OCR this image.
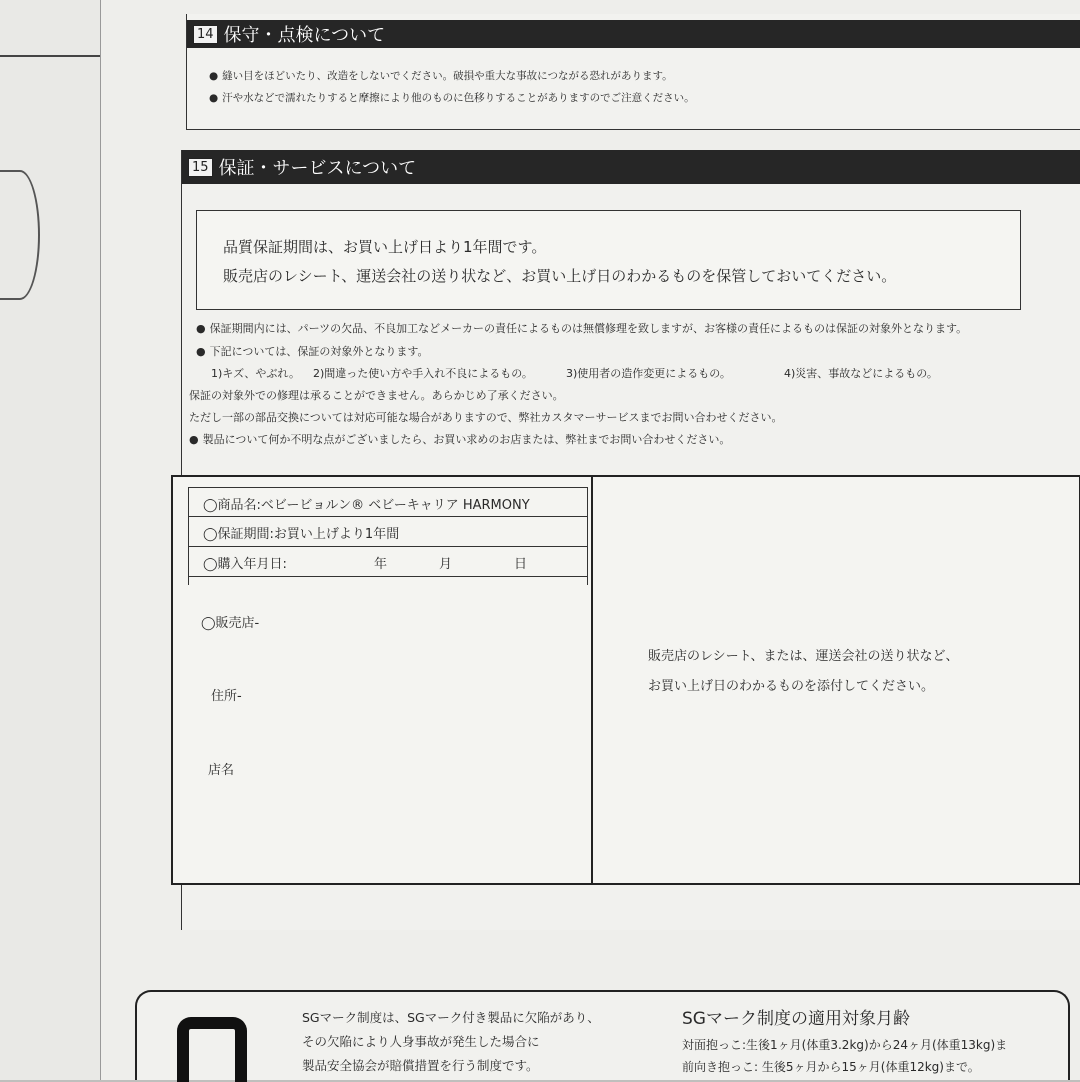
14 保守・点検について
● 縫い目をほどいたり、改造をしないでください。破損や重大な事故につながる恐れがあります。
● 汗や水などで濡れたりすると摩擦により他のものに色移りすることがありますのでご注意ください。
15 保証・サービスについて
品質保証期間は、お買い上げ日より1年間です。
販売店のレシート、運送会社の送り状など、お買い上げ日のわかるものを保管しておいてください。
● 保証期間内には、パーツの欠品、不良加工などメーカーの責任によるものは無償修理を致しますが、お客様の責任によるものは保証の対象外となります。
● 下記については、保証の対象外となります。
1)キズ、やぶれ。 2)間違った使い方や手入れ不良によるもの。	3)使用者の造作変更によるもの。	4)災害、事故などによるもの。
保証の対象外での修理は承ることができません。あらかじめ了承ください。
ただし一部の部品交換については対応可能な場合がありますので、弊社カスタマーサービスまでお問い合わせください。
● 製品について何か不明な点がございましたら、お買い求めのお店または、弊社までお問い合わせください。
◯商品名:ベビービョルン® ベビーキャリア HARMONY
◯保証期間:お買い上げより1年間
◯購入年月日:	年	月	日
◯販売店-
住所-
店名
販売店のレシート、または、運送会社の送り状など、
お買い上げ日のわかるものを添付してください。
SGマーク制度は、SGマーク付き製品に欠陥があり、
その欠陥により人身事故が発生した場合に
製品安全協会が賠償措置を行う制度です。
SGマーク制度の適用対象月齢
対面抱っこ:生後1ヶ月(体重3.2kg)から24ヶ月(体重13kg)ま
前向き抱っこ: 生後5ヶ月から15ヶ月(体重12kg)まで。
